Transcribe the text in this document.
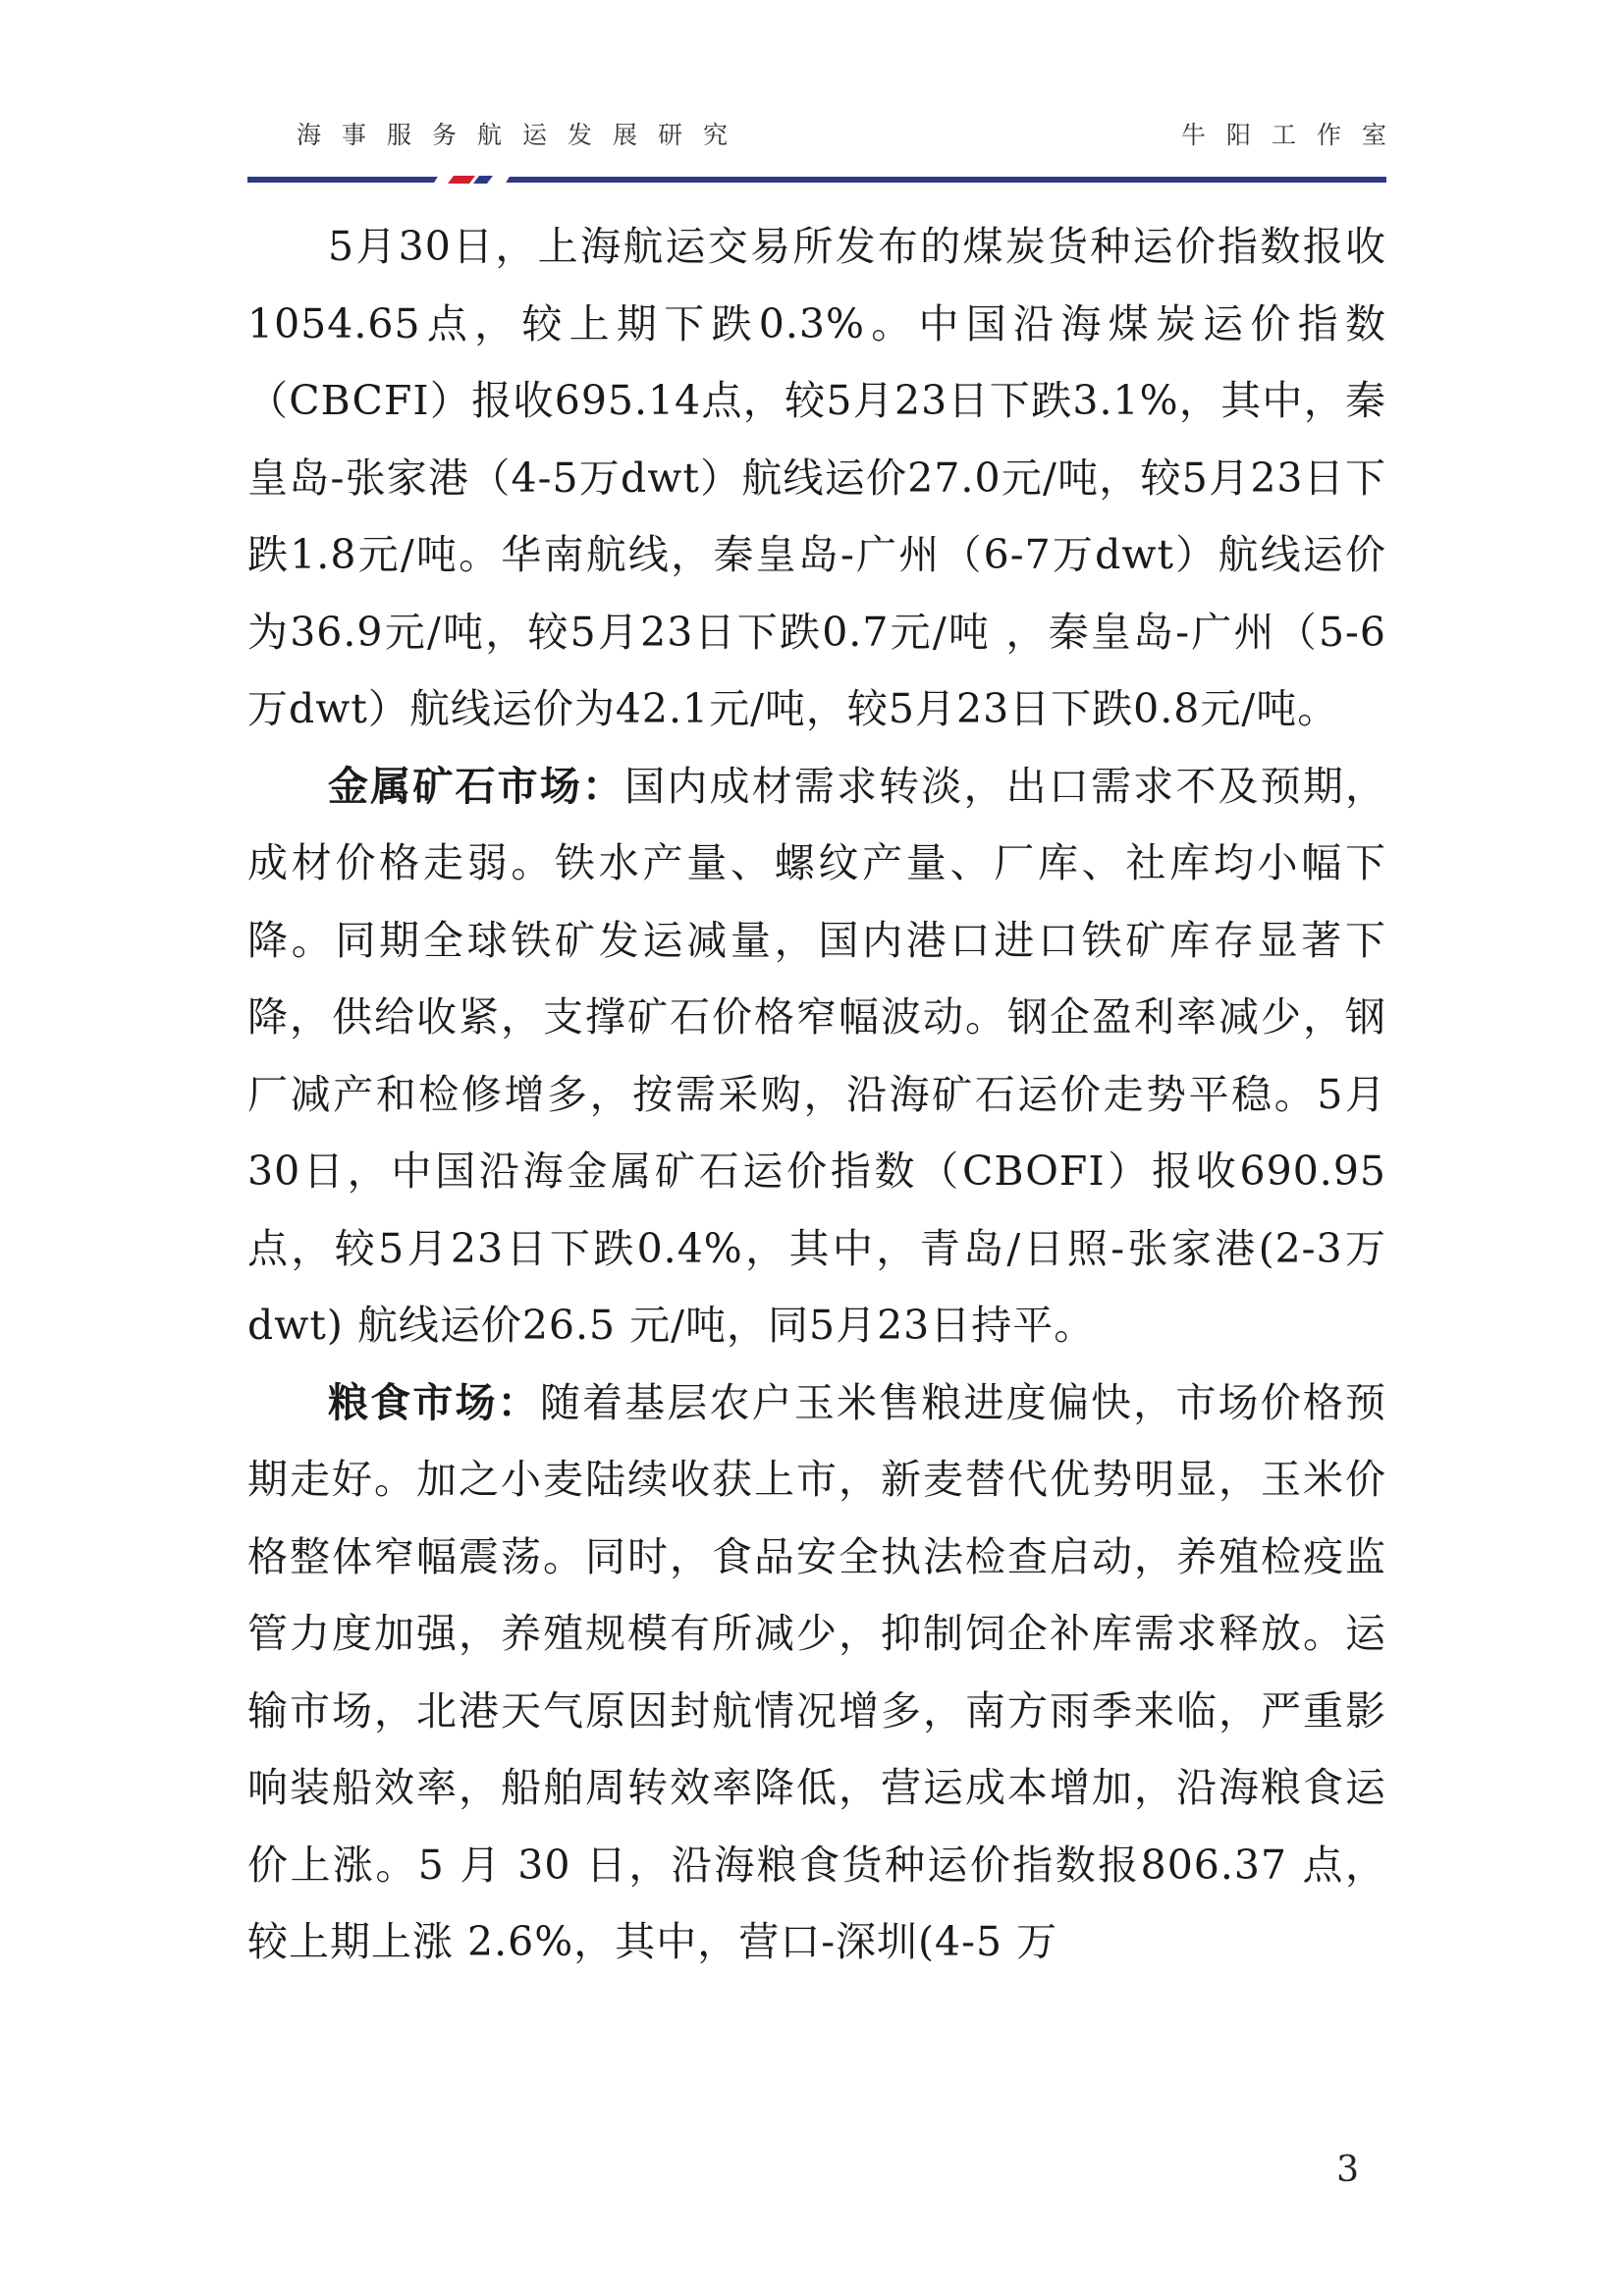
海事服务航运发展研究	牛阳工作室

5月30日，上海航运交易所发布的煤炭货种运价指数报收1054.65点，较上期下跌0.3%。中国沿海煤炭运价指数（CBCFI）报收695.14点，较5月23日下跌3.1%，其中，秦皇岛-张家港（4-5万dwt）航线运价27.0元/吨，较5月23日下跌1.8元/吨。华南航线，秦皇岛-广州（6-7万dwt）航线运价为36.9元/吨，较5月23日下跌0.7元/吨 ，秦皇岛-广州（5-6万dwt）航线运价为42.1元/吨，较5月23日下跌0.8元/吨。

金属矿石市场：国内成材需求转淡，出口需求不及预期，成材价格走弱。铁水产量、螺纹产量、厂库、社库均小幅下降。同期全球铁矿发运减量，国内港口进口铁矿库存显著下降，供给收紧，支撑矿石价格窄幅波动。钢企盈利率减少，钢厂减产和检修增多，按需采购，沿海矿石运价走势平稳。5月30日，中国沿海金属矿石运价指数（CBOFI）报收690.95点，较5月23日下跌0.4%，其中，青岛/日照-张家港(2-3万dwt) 航线运价26.5 元/吨，同5月23日持平。

粮食市场：随着基层农户玉米售粮进度偏快，市场价格预期走好。加之小麦陆续收获上市，新麦替代优势明显，玉米价格整体窄幅震荡。同时，食品安全执法检查启动，养殖检疫监管力度加强，养殖规模有所减少，抑制饲企补库需求释放。运输市场，北港天气原因封航情况增多，南方雨季来临，严重影响装船效率，船舶周转效率降低，营运成本增加，沿海粮食运价上涨。5 月 30 日，沿海粮食货种运价指数报806.37 点，较上期上涨 2.6%，其中，营口-深圳(4-5 万

3
